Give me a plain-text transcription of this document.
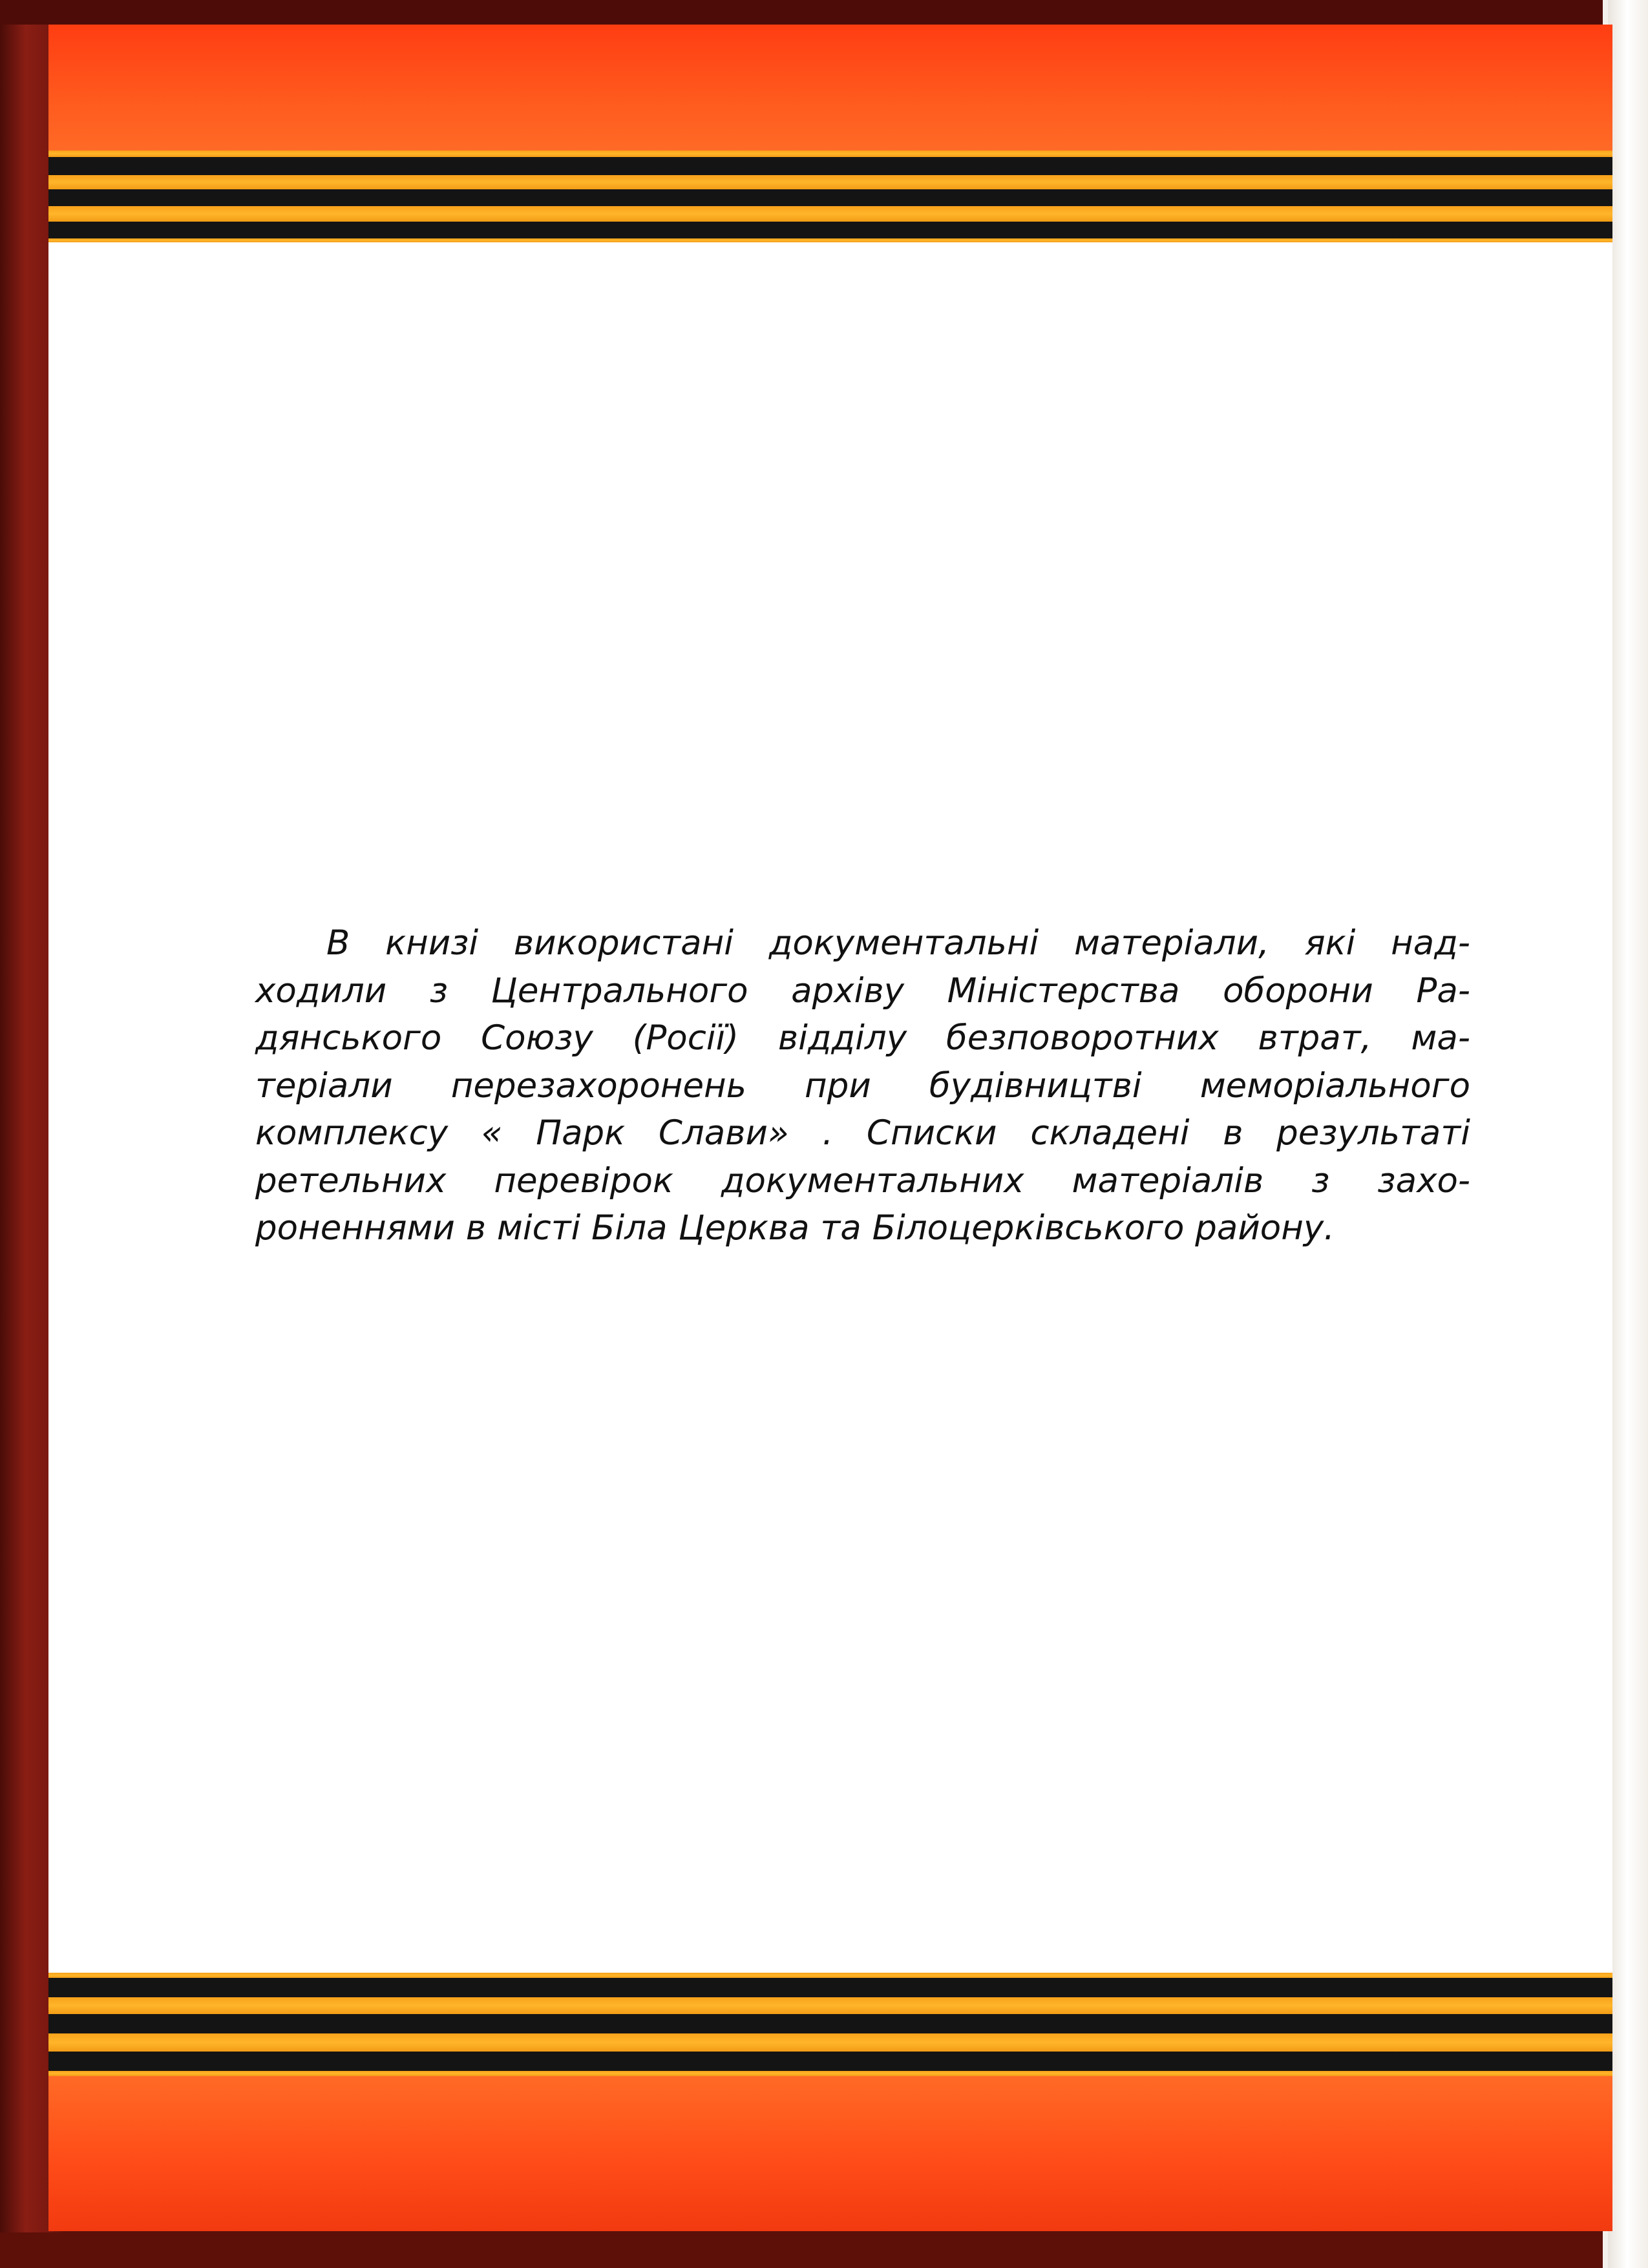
В книзі використані документальні матеріали, які над-
ходили з Центрального архіву Міністерства оборони Ра-
дянського Союзу (Росії) відділу безповоротних втрат, ма-
теріали перезахоронень при будівництві меморіального
комплексу « Парк Слави» . Списки складені в результаті
ретельних перевірок документальних матеріалів з захо-
роненнями в місті Біла Церква та Білоцерківського району.
